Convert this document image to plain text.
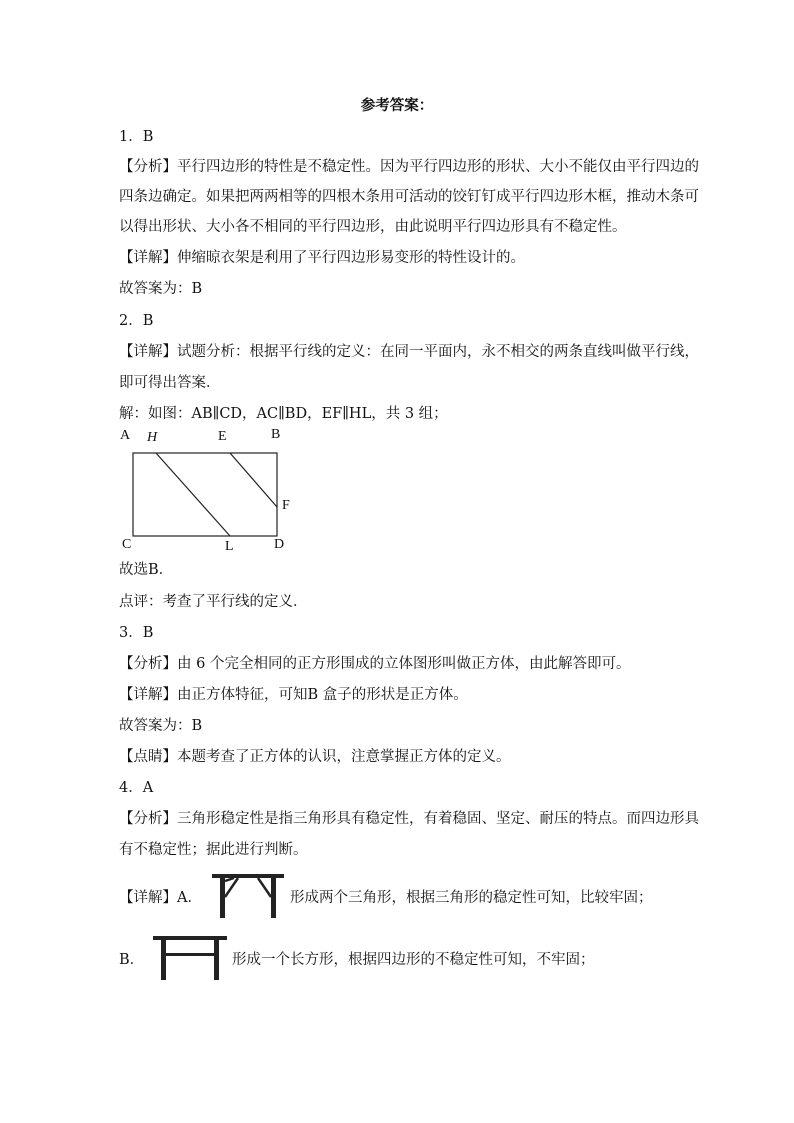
参考答案：
1．B
【分析】平行四边形的特性是不稳定性。因为平行四边形的形状、大小不能仅由平行四边的
四条边确定。如果把两两相等的四根木条用可活动的饺钉钉成平行四边形木框，推动木条可
以得出形状、大小各不相同的平行四边形，由此说明平行四边形具有不稳定性。
【详解】伸缩晾衣架是利用了平行四边形易变形的特性设计的。
故答案为：B
2．B
【详解】试题分析：根据平行线的定义：在同一平面内，永不相交的两条直线叫做平行线，
即可得出答案．
解：如图：AB∥CD，AC∥BD，EF∥HL，共 3 组；
A H	E	B
F
C	L	D
故选B．
点评：考查了平行线的定义．
3．B
【分析】由 6 个完全相同的正方形围成的立体图形叫做正方体，由此解答即可。
【详解】由正方体特征，可知B 盒子的形状是正方体。
故答案为：B
【点睛】本题考查了正方体的认识，注意掌握正方体的定义。
4．A
【分析】三角形稳定性是指三角形具有稳定性，有着稳固、坚定、耐压的特点。而四边形具
有不稳定性；据此进行判断。
【详解】A．	形成两个三角形，根据三角形的稳定性可知，比较牢固；
B．	形成一个长方形，根据四边形的不稳定性可知，不牢固；
